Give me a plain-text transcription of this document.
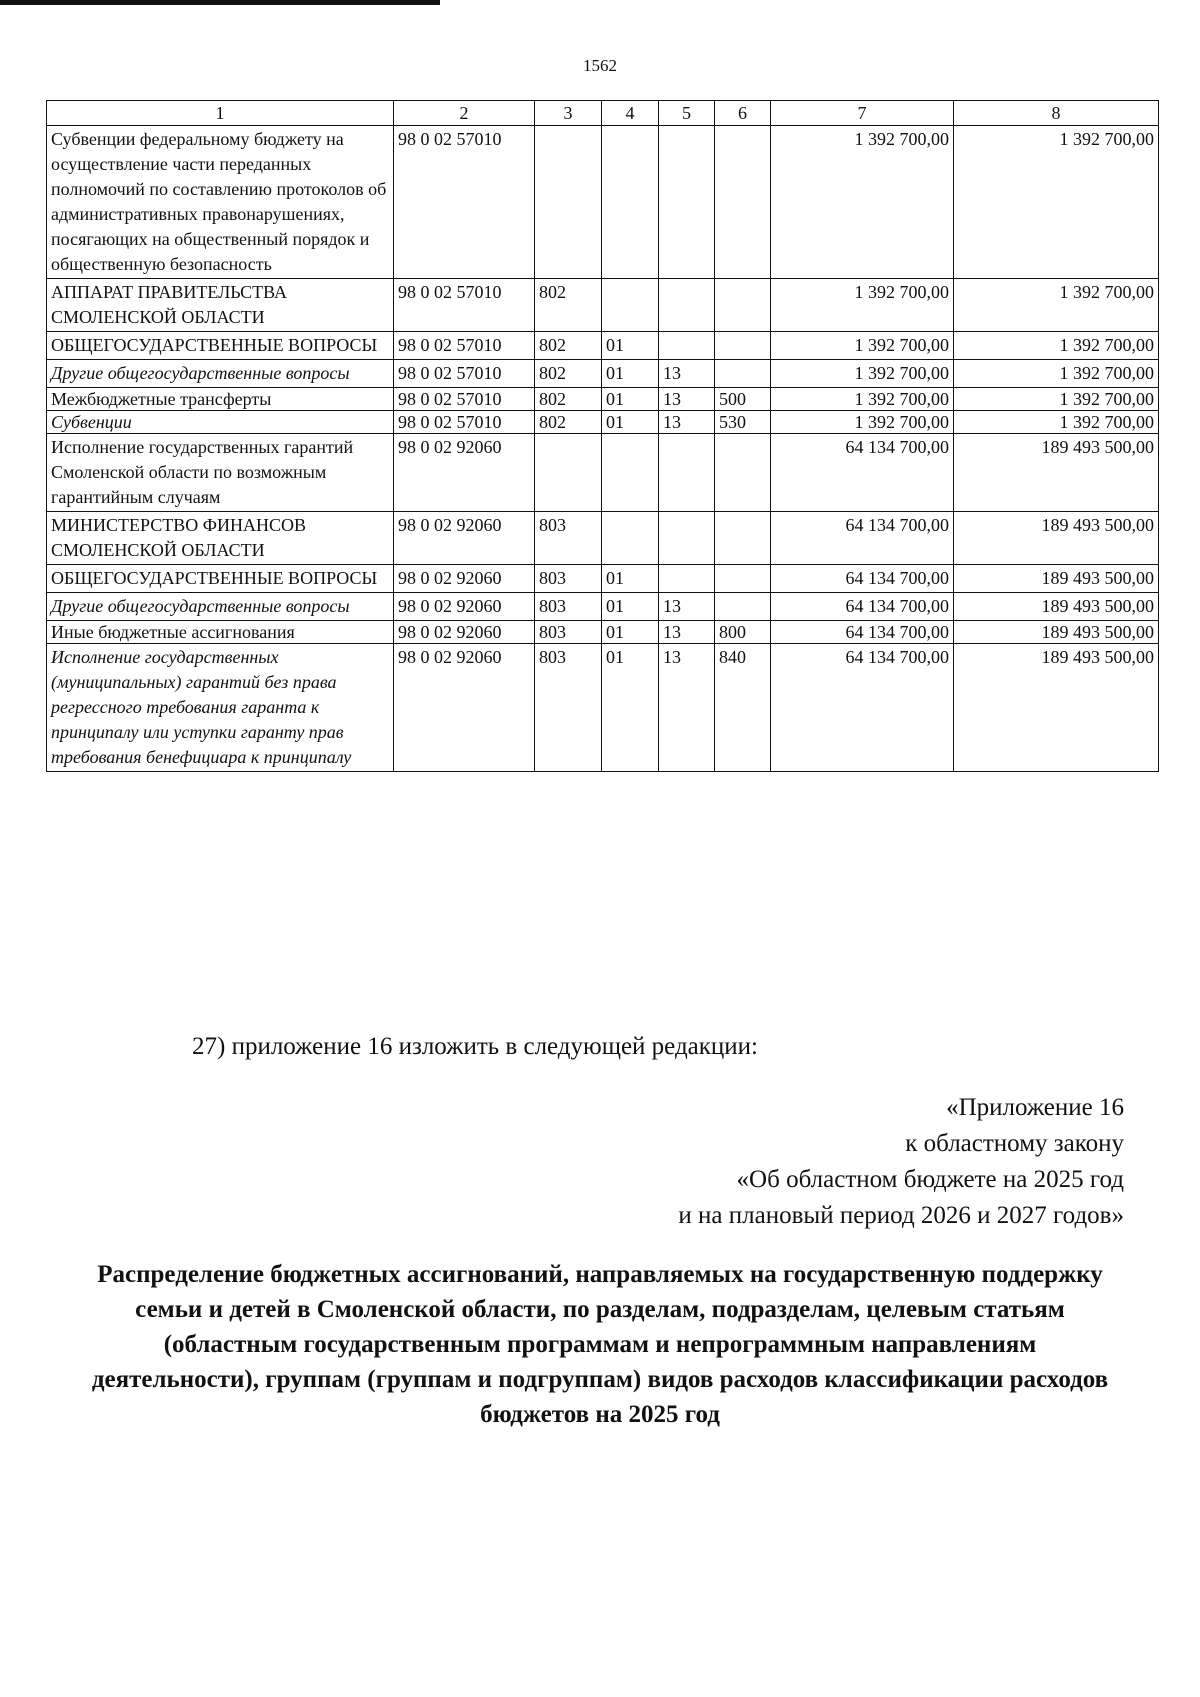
1562
1	2	3	4	5	6	7	8
Субвенции федеральному бюджету на осуществление части переданных полномочий по составлению протоколов об административных правонарушениях, посягающих на общественный порядок и общественную безопасность	98 0 02 57010					1 392 700,00	1 392 700,00
АППАРАТ ПРАВИТЕЛЬСТВА СМОЛЕНСКОЙ ОБЛАСТИ	98 0 02 57010	802				1 392 700,00	1 392 700,00
ОБЩЕГОСУДАРСТВЕННЫЕ ВОПРОСЫ	98 0 02 57010	802	01			1 392 700,00	1 392 700,00
Другие общегосударственные вопросы	98 0 02 57010	802	01	13		1 392 700,00	1 392 700,00
Межбюджетные трансферты	98 0 02 57010	802	01	13	500	1 392 700,00	1 392 700,00
Субвенции	98 0 02 57010	802	01	13	530	1 392 700,00	1 392 700,00
Исполнение государственных гарантий Смоленской области по возможным гарантийным случаям	98 0 02 92060					64 134 700,00	189 493 500,00
МИНИСТЕРСТВО ФИНАНСОВ СМОЛЕНСКОЙ ОБЛАСТИ	98 0 02 92060	803				64 134 700,00	189 493 500,00
ОБЩЕГОСУДАРСТВЕННЫЕ ВОПРОСЫ	98 0 02 92060	803	01			64 134 700,00	189 493 500,00
Другие общегосударственные вопросы	98 0 02 92060	803	01	13		64 134 700,00	189 493 500,00
Иные бюджетные ассигнования	98 0 02 92060	803	01	13	800	64 134 700,00	189 493 500,00
Исполнение государственных (муниципальных) гарантий без права регрессного требования гаранта к принципалу или уступки гаранту прав требования бенефициара к принципалу	98 0 02 92060	803	01	13	840	64 134 700,00	189 493 500,00
27) приложение 16 изложить в следующей редакции:
«Приложение 16
к областному закону
«Об областном бюджете на 2025 год
и на плановый период 2026 и 2027 годов»
Распределение бюджетных ассигнований, направляемых на государственную поддержку семьи и детей в Смоленской области, по разделам, подразделам, целевым статьям (областным государственным программам и непрограммным направлениям деятельности), группам (группам и подгруппам) видов расходов классификации расходов бюджетов на 2025 год
